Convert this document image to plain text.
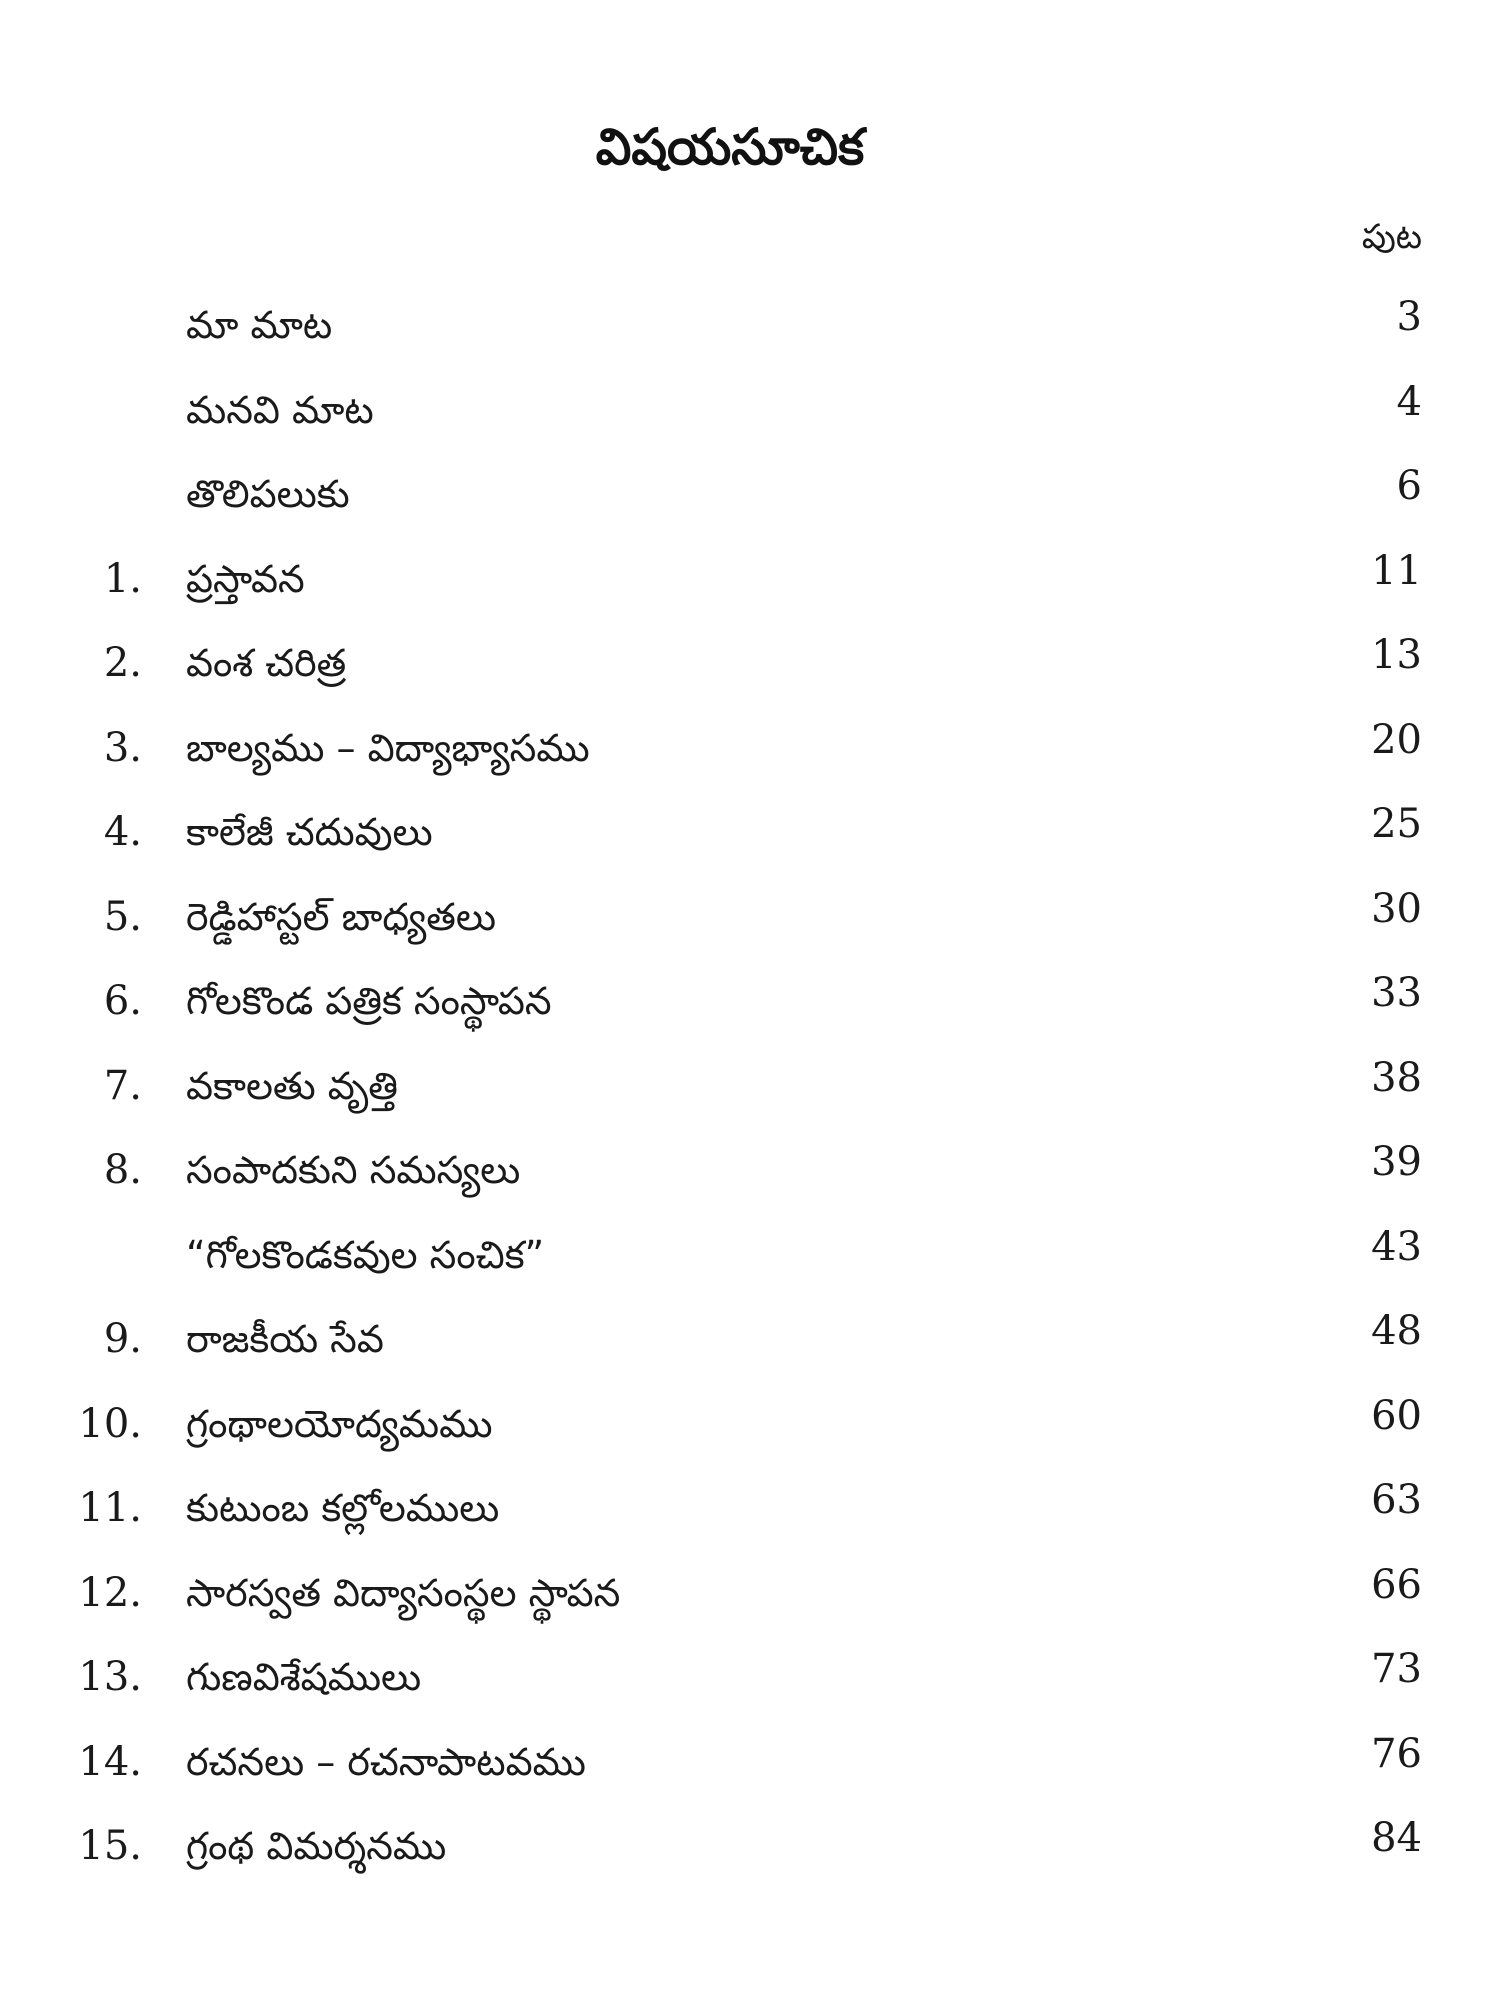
విషయసూచిక
పుట
మా మాట	3
మనవి మాట	4
తొలిపలుకు	6
1. ప్రస్తావన	11
2. వంశ చరిత్ర	13
3. బాల్యము – విద్యాభ్యాసము	20
4. కాలేజీ చదువులు	25
5. రెడ్డిహాస్టల్ బాధ్యతలు	30
6. గోలకొండ పత్రిక సంస్థాపన	33
7. వకాలతు వృత్తి	38
8. సంపాదకుని సమస్యలు	39
“గోలకొండకవుల సంచిక”	43
9. రాజకీయ సేవ	48
10. గ్రంథాలయోద్యమము	60
11. కుటుంబ కల్లోలములు	63
12. సారస్వత విద్యాసంస్థల స్థాపన	66
13. గుణవిశేషములు	73
14. రచనలు – రచనాపాటవము	76
15. గ్రంథ విమర్శనము	84
